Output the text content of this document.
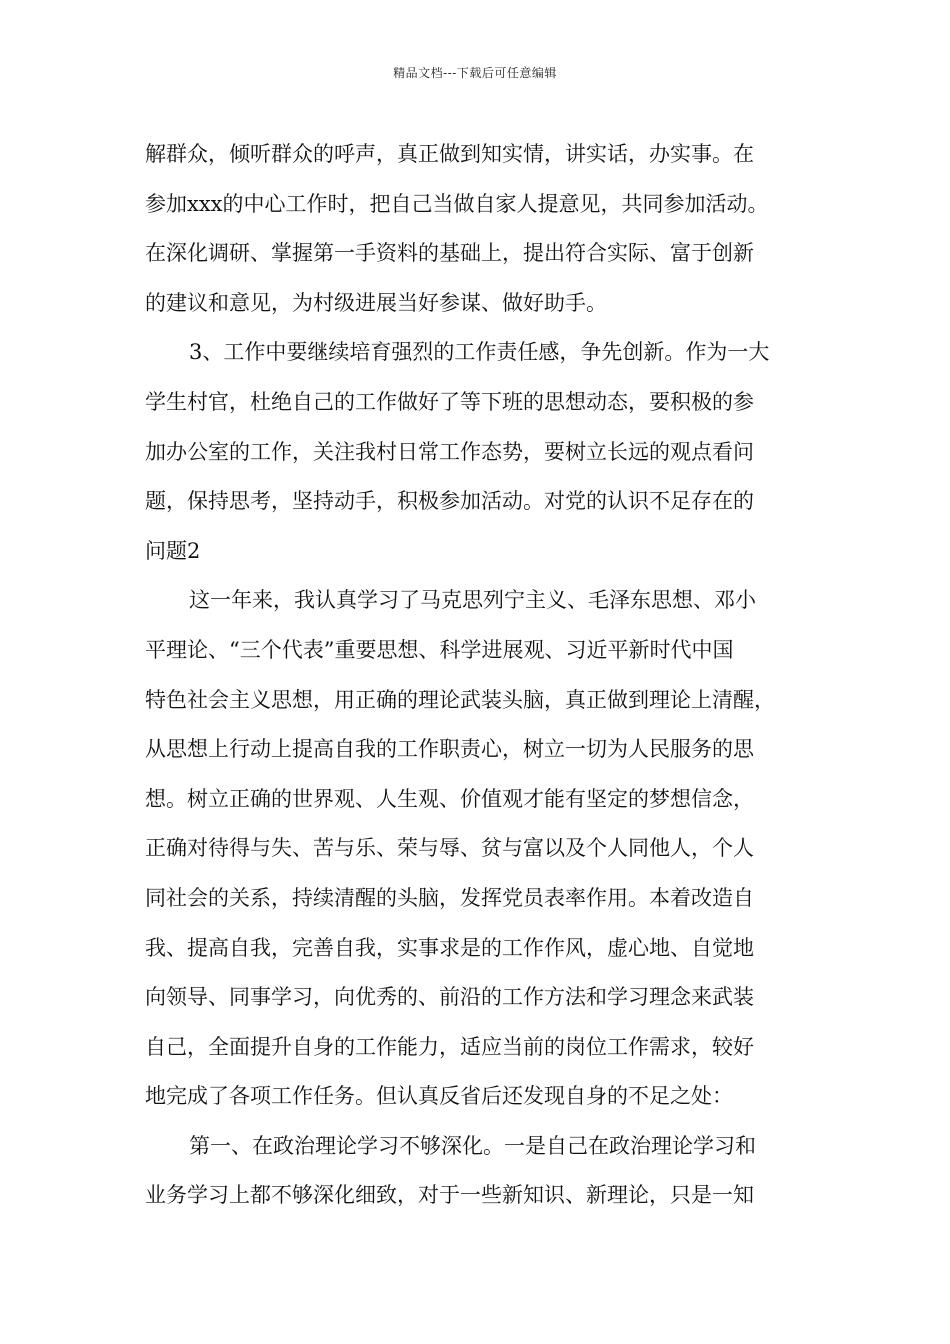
精品文档---下载后可任意编辑
解群众，倾听群众的呼声，真正做到知实情，讲实话，办实事。在
参加xxx的中心工作时，把自己当做自家人提意见，共同参加活动。
在深化调研、掌握第一手资料的基础上，提出符合实际、富于创新
的建议和意见，为村级进展当好参谋、做好助手。
3、工作中要继续培育强烈的工作责任感，争先创新。作为一大
学生村官，杜绝自己的工作做好了等下班的思想动态，要积极的参
加办公室的工作，关注我村日常工作态势，要树立长远的观点看问
题，保持思考，坚持动手，积极参加活动。对党的认识不足存在的
问题2
这一年来，我认真学习了马克思列宁主义、毛泽东思想、邓小
平理论、“三个代表”重要思想、科学进展观、习近平新时代中国
特色社会主义思想，用正确的理论武装头脑，真正做到理论上清醒，
从思想上行动上提高自我的工作职责心，树立一切为人民服务的思
想。树立正确的世界观、人生观、价值观才能有坚定的梦想信念，
正确对待得与失、苦与乐、荣与辱、贫与富以及个人同他人，个人
同社会的关系，持续清醒的头脑，发挥党员表率作用。本着改造自
我、提高自我，完善自我，实事求是的工作作风，虚心地、自觉地
向领导、同事学习，向优秀的、前沿的工作方法和学习理念来武装
自己，全面提升自身的工作能力，适应当前的岗位工作需求，较好
地完成了各项工作任务。但认真反省后还发现自身的不足之处：
第一、在政治理论学习不够深化。一是自己在政治理论学习和
业务学习上都不够深化细致，对于一些新知识、新理论，只是一知
